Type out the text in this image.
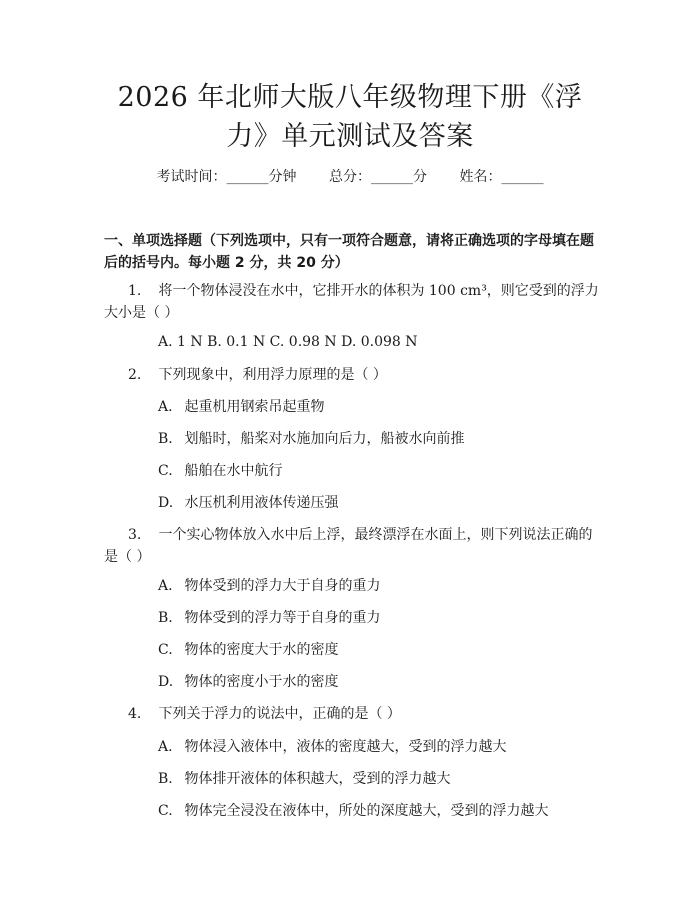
2026 年北师大版八年级物理下册《浮力》单元测试及答案
考试时间：______分钟 总分：______分 姓名：______
一、单项选择题（下列选项中，只有一项符合题意，请将正确选项的字母填在题后的括号内。每小题 2 分，共 20 分）
1. 将一个物体浸没在水中，它排开水的体积为 100 cm³，则它受到的浮力大小是（ ）
A. 1 N B. 0.1 N C. 0.98 N D. 0.098 N
2. 下列现象中，利用浮力原理的是（ ）
A. 起重机用钢索吊起重物
B. 划船时，船桨对水施加向后力，船被水向前推
C. 船舶在水中航行
D. 水压机利用液体传递压强
3. 一个实心物体放入水中后上浮，最终漂浮在水面上，则下列说法正确的是（ ）
A. 物体受到的浮力大于自身的重力
B. 物体受到的浮力等于自身的重力
C. 物体的密度大于水的密度
D. 物体的密度小于水的密度
4. 下列关于浮力的说法中，正确的是（ ）
A. 物体浸入液体中，液体的密度越大，受到的浮力越大
B. 物体排开液体的体积越大，受到的浮力越大
C. 物体完全浸没在液体中，所处的深度越大，受到的浮力越大
